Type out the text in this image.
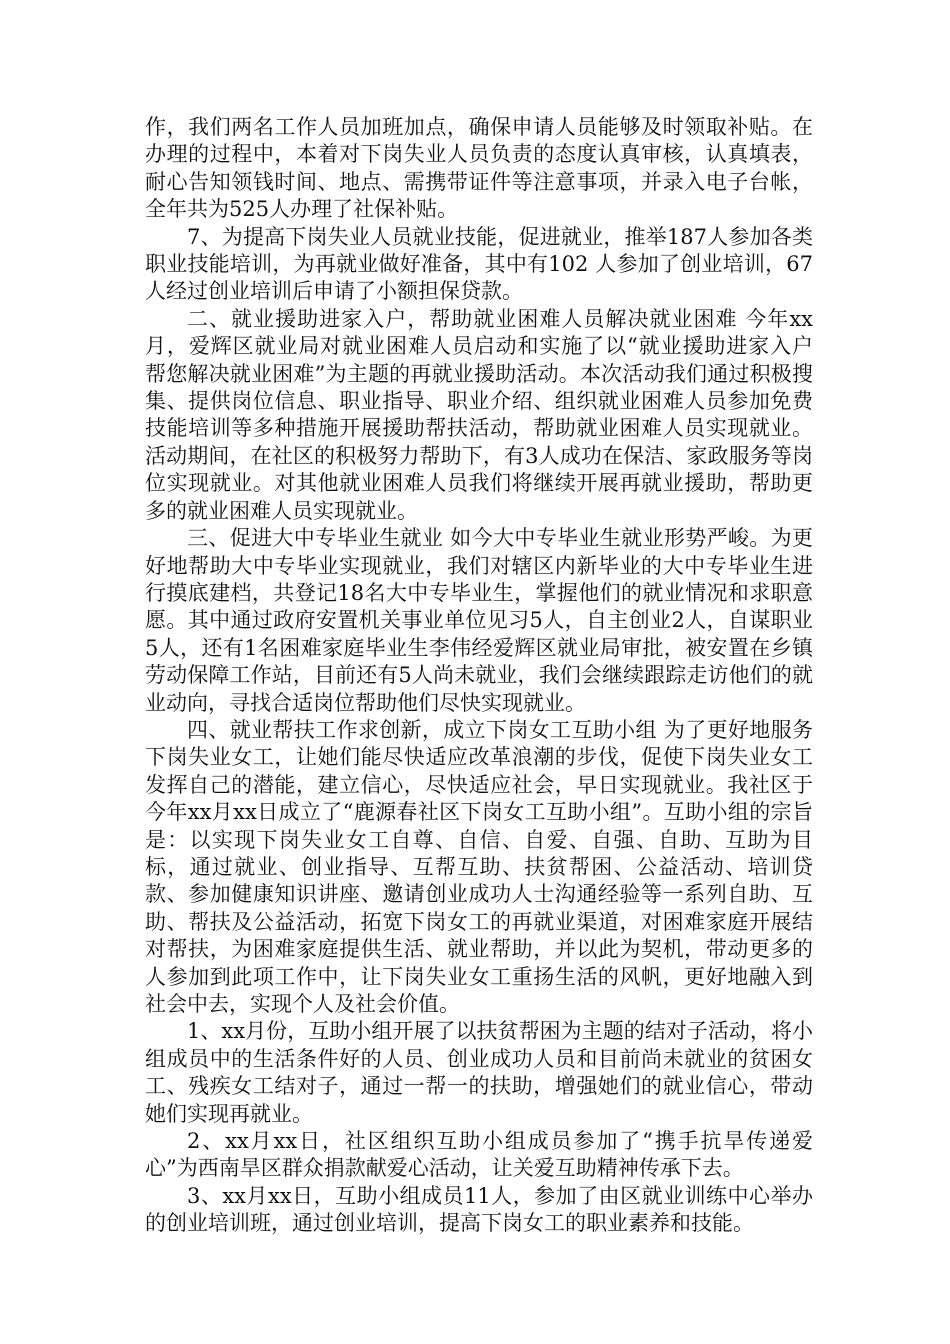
作，我们两名工作人员加班加点，确保申请人员能够及时领取补贴。在办理的过程中，本着对下岗失业人员负责的态度认真审核，认真填表，耐心告知领钱时间、地点、需携带证件等注意事项，并录入电子台帐，全年共为525人办理了社保补贴。

7、为提高下岗失业人员就业技能，促进就业，推举187人参加各类职业技能培训，为再就业做好准备，其中有102 人参加了创业培训，67人经过创业培训后申请了小额担保贷款。

二、就业援助进家入户，帮助就业困难人员解决就业困难 今年xx月，爱辉区就业局对就业困难人员启动和实施了以“就业援助进家入户 帮您解决就业困难”为主题的再就业援助活动。本次活动我们通过积极搜集、提供岗位信息、职业指导、职业介绍、组织就业困难人员参加免费技能培训等多种措施开展援助帮扶活动，帮助就业困难人员实现就业。活动期间，在社区的积极努力帮助下，有3人成功在保洁、家政服务等岗位实现就业。对其他就业困难人员我们将继续开展再就业援助，帮助更多的就业困难人员实现就业。

三、促进大中专毕业生就业 如今大中专毕业生就业形势严峻。为更好地帮助大中专毕业实现就业，我们对辖区内新毕业的大中专毕业生进行摸底建档，共登记18名大中专毕业生，掌握他们的就业情况和求职意愿。其中通过政府安置机关事业单位见习5人，自主创业2人，自谋职业5人，还有1名困难家庭毕业生李伟经爱辉区就业局审批，被安置在乡镇劳动保障工作站，目前还有5人尚未就业，我们会继续跟踪走访他们的就业动向，寻找合适岗位帮助他们尽快实现就业。

四、就业帮扶工作求创新，成立下岗女工互助小组 为了更好地服务下岗失业女工，让她们能尽快适应改革浪潮的步伐，促使下岗失业女工发挥自己的潜能，建立信心，尽快适应社会，早日实现就业。我社区于今年xx月xx日成立了“鹿源春社区下岗女工互助小组”。互助小组的宗旨是：以实现下岗失业女工自尊、自信、自爱、自强、自助、互助为目标，通过就业、创业指导、互帮互助、扶贫帮困、公益活动、培训贷款、参加健康知识讲座、邀请创业成功人士沟通经验等一系列自助、互助、帮扶及公益活动，拓宽下岗女工的再就业渠道，对困难家庭开展结对帮扶，为困难家庭提供生活、就业帮助，并以此为契机，带动更多的人参加到此项工作中，让下岗失业女工重扬生活的风帆，更好地融入到社会中去，实现个人及社会价值。

1、xx月份，互助小组开展了以扶贫帮困为主题的结对子活动，将小组成员中的生活条件好的人员、创业成功人员和目前尚未就业的贫困女工、残疾女工结对子，通过一帮一的扶助，增强她们的就业信心，带动她们实现再就业。

2、xx月xx日，社区组织互助小组成员参加了“携手抗旱传递爱心”为西南旱区群众捐款献爱心活动，让关爱互助精神传承下去。

3、xx月xx日，互助小组成员11人，参加了由区就业训练中心举办的创业培训班，通过创业培训，提高下岗女工的职业素养和技能。
